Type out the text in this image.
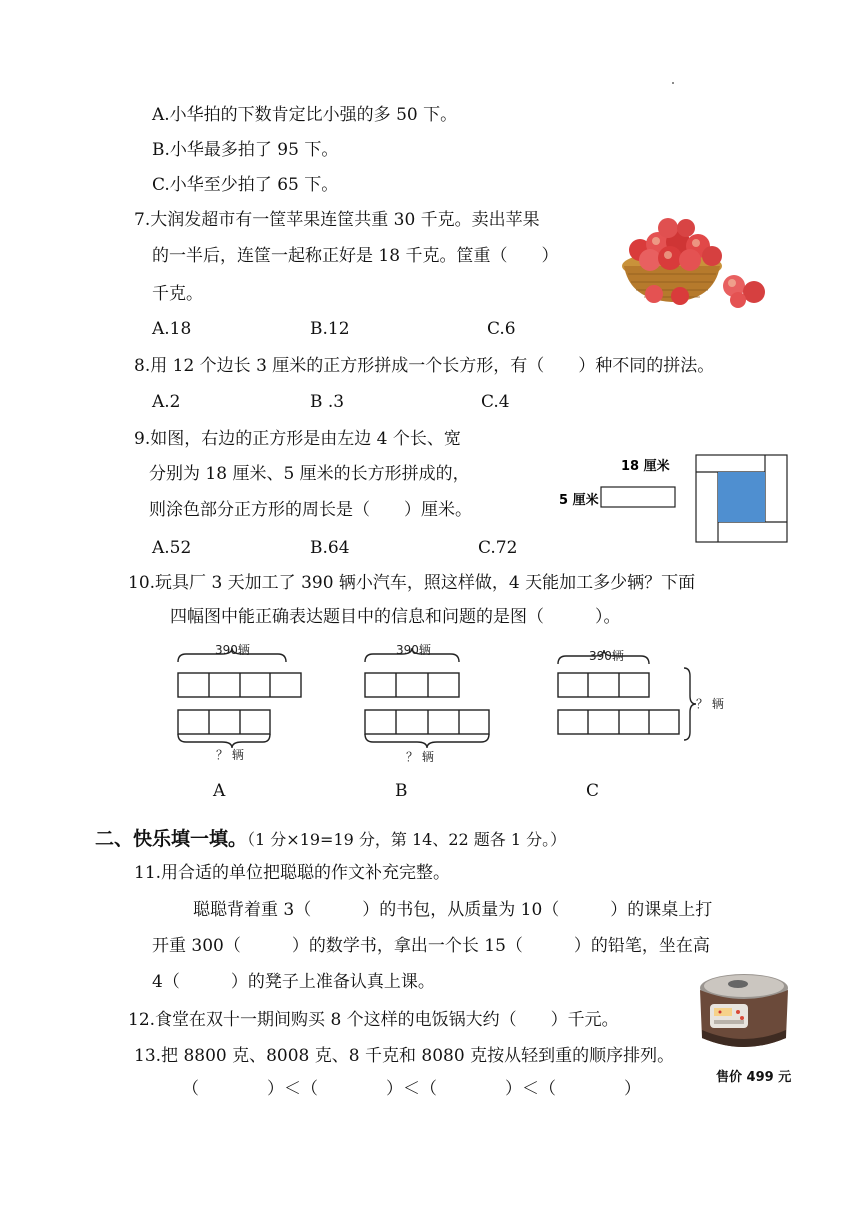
A.小华拍的下数肯定比小强的多 50 下。
B.小华最多拍了 95 下。
C.小华至少拍了 65 下。
7.大润发超市有一筐苹果连筐共重 30 千克。卖出苹果
的一半后，连筐一起称正好是 18 千克。筐重（　　）
千克。
A.18	B.12	C.6
8.用 12 个边长 3 厘米的正方形拼成一个长方形，有（　　）种不同的拼法。
A.2	B .3	C.4
9.如图，右边的正方形是由左边 4 个长、宽
分别为 18 厘米、5 厘米的长方形拼成的，
则涂色部分正方形的周长是（　　）厘米。
A.52	B.64	C.72
18 厘米
5 厘米
10.玩具厂 3 天加工了 390 辆小汽车，照这样做，4 天能加工多少辆？下面
四幅图中能正确表达题目中的信息和问题的是图（　　　）。
390辆
？ 辆
390辆
？ 辆
390辆
？ 辆
A	B	C
二、快乐填一填。（1 分×19=19 分，第 14、22 题各 1 分。）
11.用合适的单位把聪聪的作文补充完整。
聪聪背着重 3（　　　）的书包，从质量为 10（　　　）的课桌上打
开重 300（　　　）的数学书，拿出一个长 15（　　　）的铅笔，坐在高
4（　　　）的凳子上准备认真上课。
12.食堂在双十一期间购买 8 个这样的电饭锅大约（　　）千元。
13.把 8800 克、8008 克、8 千克和 8080 克按从轻到重的顺序排列。
（　　　　）＜（　　　　）＜（　　　　）＜（　　　　）
售价 499 元
